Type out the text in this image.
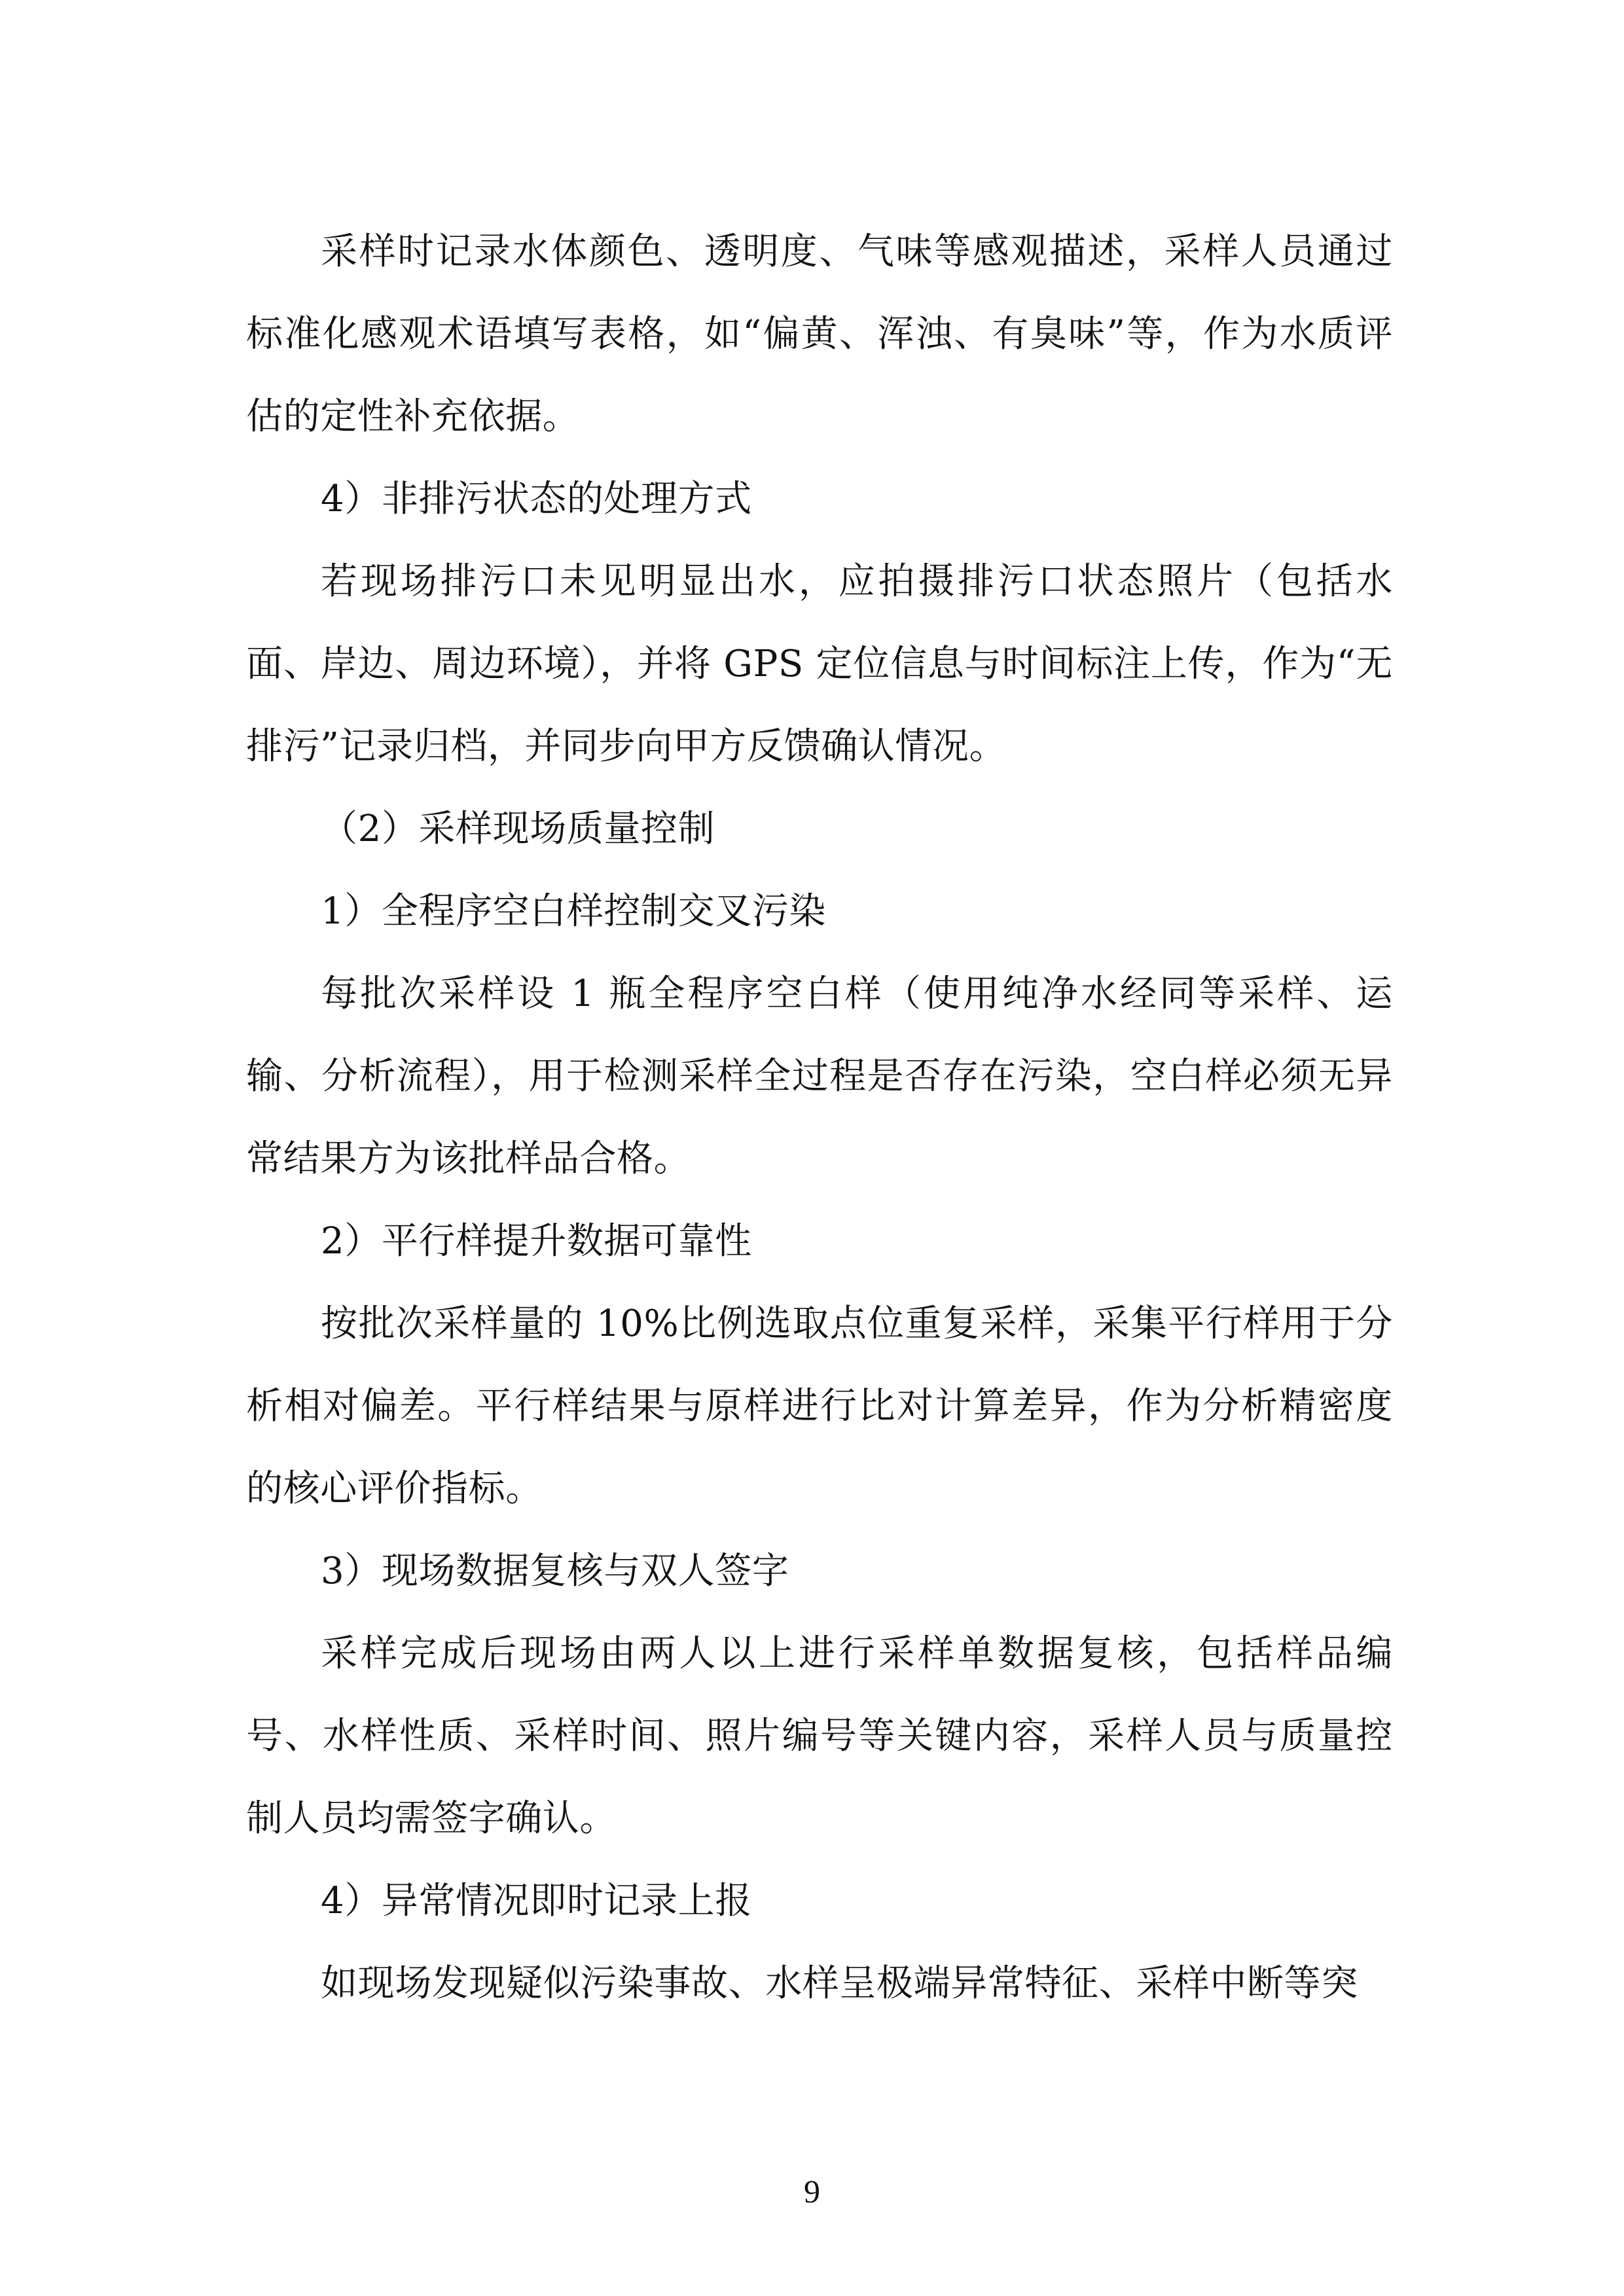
采样时记录水体颜色、透明度、气味等感观描述，采样人员通过标准化感观术语填写表格，如“偏黄、浑浊、有臭味”等，作为水质评估的定性补充依据。

4）非排污状态的处理方式

若现场排污口未见明显出水，应拍摄排污口状态照片（包括水面、岸边、周边环境），并将 GPS 定位信息与时间标注上传，作为“无排污”记录归档，并同步向甲方反馈确认情况。

（2）采样现场质量控制

1）全程序空白样控制交叉污染

每批次采样设 1 瓶全程序空白样（使用纯净水经同等采样、运输、分析流程），用于检测采样全过程是否存在污染，空白样必须无异常结果方为该批样品合格。

2）平行样提升数据可靠性

按批次采样量的 10%比例选取点位重复采样，采集平行样用于分析相对偏差。平行样结果与原样进行比对计算差异，作为分析精密度的核心评价指标。

3）现场数据复核与双人签字

采样完成后现场由两人以上进行采样单数据复核，包括样品编号、水样性质、采样时间、照片编号等关键内容，采样人员与质量控制人员均需签字确认。

4）异常情况即时记录上报

如现场发现疑似污染事故、水样呈极端异常特征、采样中断等突

9
